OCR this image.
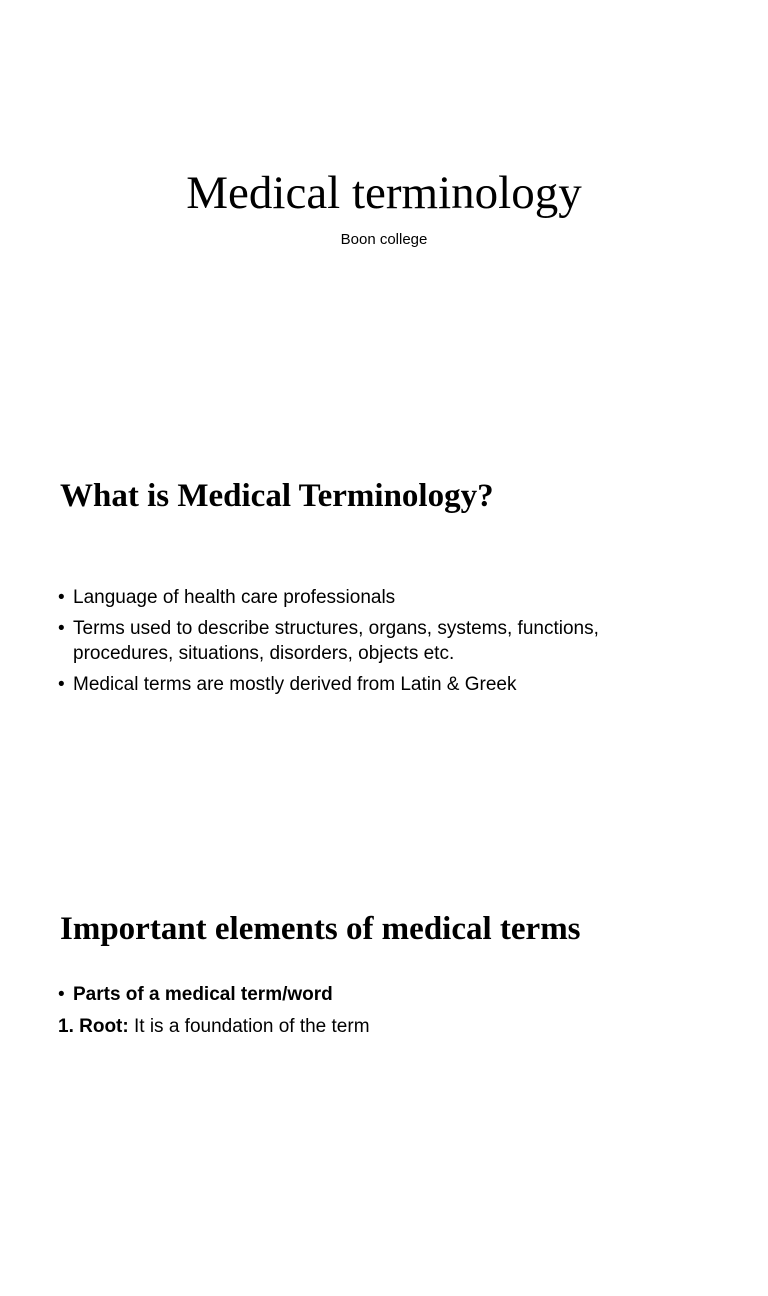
Medical terminology
Boon college
What is Medical Terminology?
• Language of health care professionals
• Terms used to describe structures, organs, systems, functions, procedures, situations, disorders, objects etc.
• Medical terms are mostly derived from Latin & Greek
Important elements of medical terms
• Parts of a medical term/word
1. Root: It is a foundation of the term
